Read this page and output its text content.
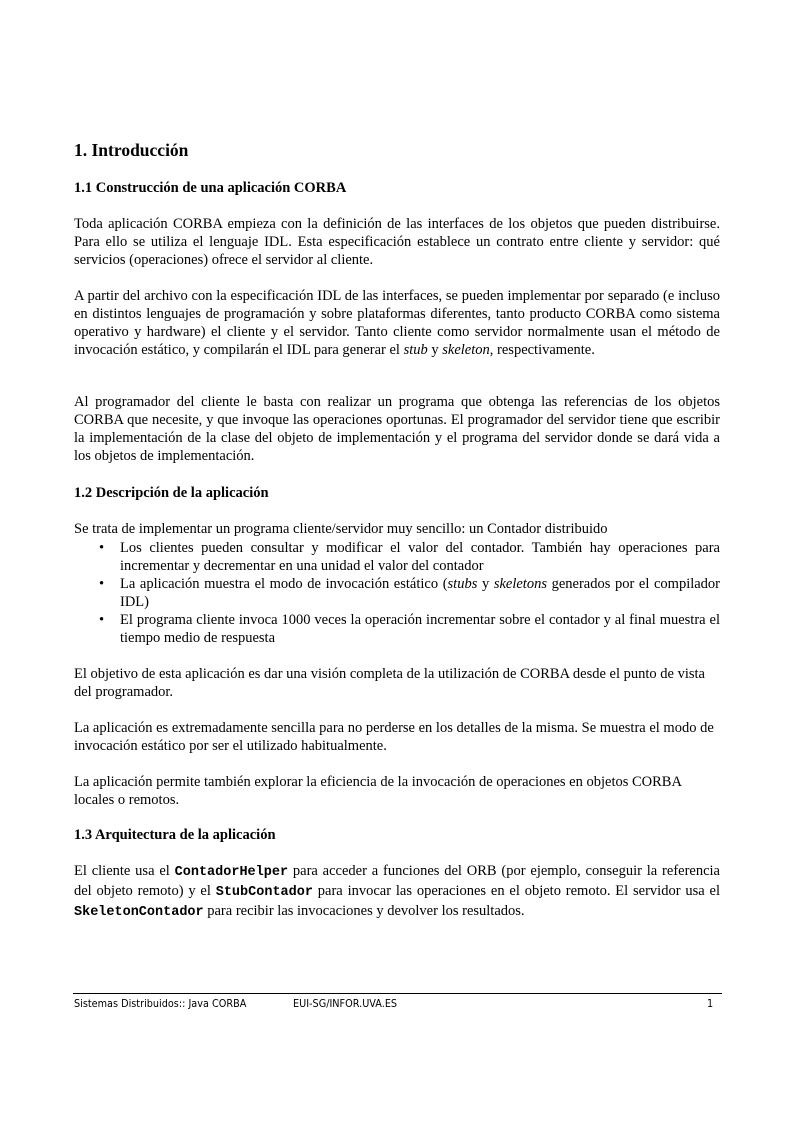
1. Introducción
1.1 Construcción de una aplicación CORBA

Toda aplicación CORBA empieza con la definición de las interfaces de los objetos que pueden distribuirse. Para ello se utiliza el lenguaje IDL. Esta especificación establece un contrato entre cliente y servidor: qué servicios (operaciones) ofrece el servidor al cliente.

A partir del archivo con la especificación IDL de las interfaces, se pueden implementar por separado (e incluso en distintos lenguajes de programación y sobre plataformas diferentes, tanto producto CORBA como sistema operativo y hardware) el cliente y el servidor. Tanto cliente como servidor normalmente usan el método de invocación estático, y compilarán el IDL para generar el stub y skeleton, respectivamente.

Al programador del cliente le basta con realizar un programa que obtenga las referencias de los objetos CORBA que necesite, y que invoque las operaciones oportunas. El programador del servidor tiene que escribir la implementación de la clase del objeto de implementación y el programa del servidor donde se dará vida a los objetos de implementación.

1.2 Descripción de la aplicación

Se trata de implementar un programa cliente/servidor muy sencillo: un Contador distribuido

• Los clientes pueden consultar y modificar el valor del contador. También hay operaciones para incrementar y decrementar en una unidad el valor del contador
• La aplicación muestra el modo de invocación estático (stubs y skeletons generados por el compilador IDL)
• El programa cliente invoca 1000 veces la operación incrementar sobre el contador y al final muestra el tiempo medio de respuesta

El objetivo de esta aplicación es dar una visión completa de la utilización de CORBA desde el punto de vista del programador.

La aplicación es extremadamente sencilla para no perderse en los detalles de la misma. Se muestra el modo de invocación estático por ser el utilizado habitualmente.

La aplicación permite también explorar la eficiencia de la invocación de operaciones en objetos CORBA locales o remotos.

1.3 Arquitectura de la aplicación

El cliente usa el ContadorHelper para acceder a funciones del ORB (por ejemplo, conseguir la referencia del objeto remoto) y el StubContador para invocar las operaciones en el objeto remoto. El servidor usa el SkeletonContador para recibir las invocaciones y devolver los resultados.

Sistemas Distribuidos:: Java CORBA	EUI-SG/INFOR.UVA.ES	1
